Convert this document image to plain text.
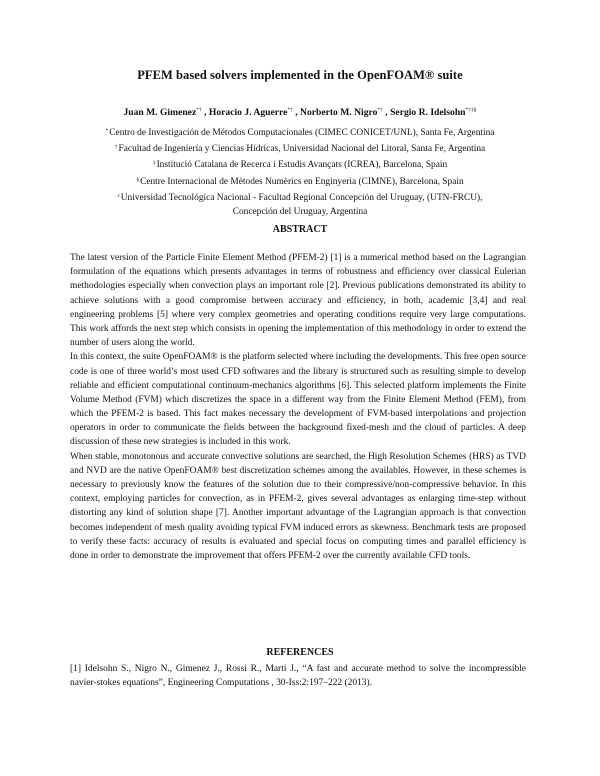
PFEM based solvers implemented in the OpenFOAM® suite
Juan M. Gimenez*† , Horacio J. Aguerre*† , Norberto M. Nigro*† , Sergio R. Idelsohn*†‡§
*Centro de Investigación de Métodos Computacionales (CIMEC CONICET/UNL), Santa Fe, Argentina
†Facultad de Ingeniería y Ciencias Hídricas, Universidad Nacional del Litoral, Santa Fe, Argentina
‡Institució Catalana de Recerca i Estudis Avançats (ICREA), Barcelona, Spain
§Centre Internacional de Mètodes Numèrics en Enginyeria (CIMNE), Barcelona, Spain
$^\varepsilon$Universidad Tecnológica Nacional - Facultad Regional Concepción del Uruguay, (UTN-FRCU),
Concepción del Uruguay, Argentina
ABSTRACT

The latest version of the Particle Finite Element Method (PFEM-2) [1] is a numerical method based on the Lagrangian formulation of the equations which presents advantages in terms of robustness and efficiency over classical Eulerian methodologies especially when convection plays an important role [2]. Previous publications demonstrated its ability to achieve solutions with a good compromise between accuracy and efficiency, in both, academic [3,4] and real engineering problems [5] where very complex geometries and operating conditions require very large computations. This work affords the next step which consists in opening the implementation of this methodology in order to extend the number of users along the world.

In this context, the suite OpenFOAM® is the platform selected where including the developments. This free open source code is one of three world’s most used CFD softwares and the library is structured such as resulting simple to develop reliable and efficient computational continuum-mechanics algorithms [6]. This selected platform implements the Finite Volume Method (FVM) which discretizes the space in a different way from the Finite Element Method (FEM), from which the PFEM-2 is based. This fact makes necessary the development of FVM-based interpolations and projection operators in order to communicate the fields between the background fixed-mesh and the cloud of particles. A deep discussion of these new strategies is included in this work.

When stable, monotonous and accurate convective solutions are searched, the High Resolution Schemes (HRS) as TVD and NVD are the native OpenFOAM® best discretization schemes among the availables. However, in these schemes is necessary to previously know the features of the solution due to their compressive/non-compressive behavior. In this context, employing particles for convection, as in PFEM-2, gives several advantages as enlarging time-step without distorting any kind of solution shape [7]. Another important advantage of the Lagrangian approach is that convection becomes independent of mesh quality avoiding typical FVM induced errors as skewness. Benchmark tests are proposed to verify these facts: accuracy of results is evaluated and special focus on computing times and parallel efficiency is done in order to demonstrate the improvement that offers PFEM-2 over the currently available CFD tools.

REFERENCES

[1] Idelsohn S., Nigro N., Gimenez J., Rossi R., Marti J., “A fast and accurate method to solve the incompressible navier-stokes equations”, Engineering Computations , 30-Iss:2:197–222 (2013).
